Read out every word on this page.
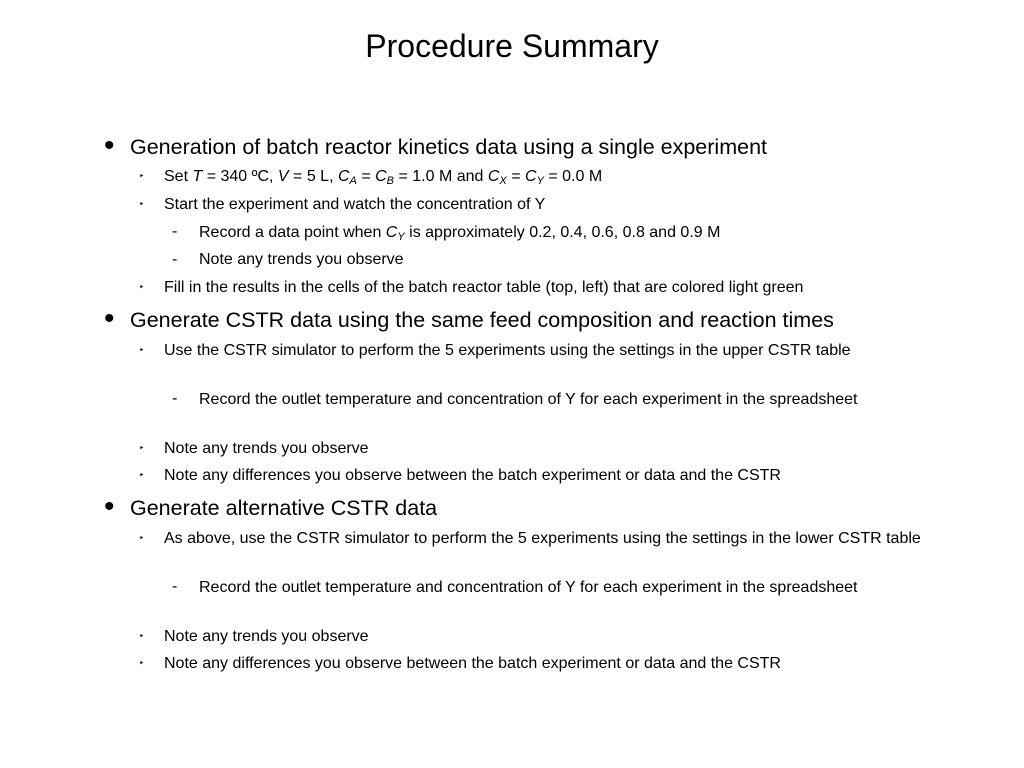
Procedure Summary
• Generation of batch reactor kinetics data using a single experiment
‣ Set T = 340 ºC, V = 5 L, $C_A = C_B = 1.0$ M and $C_X = C_Y = 0.0$ M
‣ Start the experiment and watch the concentration of Y
- Record a data point when $C_Y$ is approximately 0.2, 0.4, 0.6, 0.8 and 0.9 M
- Note any trends you observe
‣ Fill in the results in the cells of the batch reactor table (top, left) that are colored light green
• Generate CSTR data using the same feed composition and reaction times
‣ Use the CSTR simulator to perform the 5 experiments using the settings in the upper CSTR table
- Record the outlet temperature and concentration of Y for each experiment in the spreadsheet
‣ Note any trends you observe
‣ Note any differences you observe between the batch experiment or data and the CSTR
• Generate alternative CSTR data
‣ As above, use the CSTR simulator to perform the 5 experiments using the settings in the lower CSTR table
- Record the outlet temperature and concentration of Y for each experiment in the spreadsheet
‣ Note any trends you observe
‣ Note any differences you observe between the batch experiment or data and the CSTR
